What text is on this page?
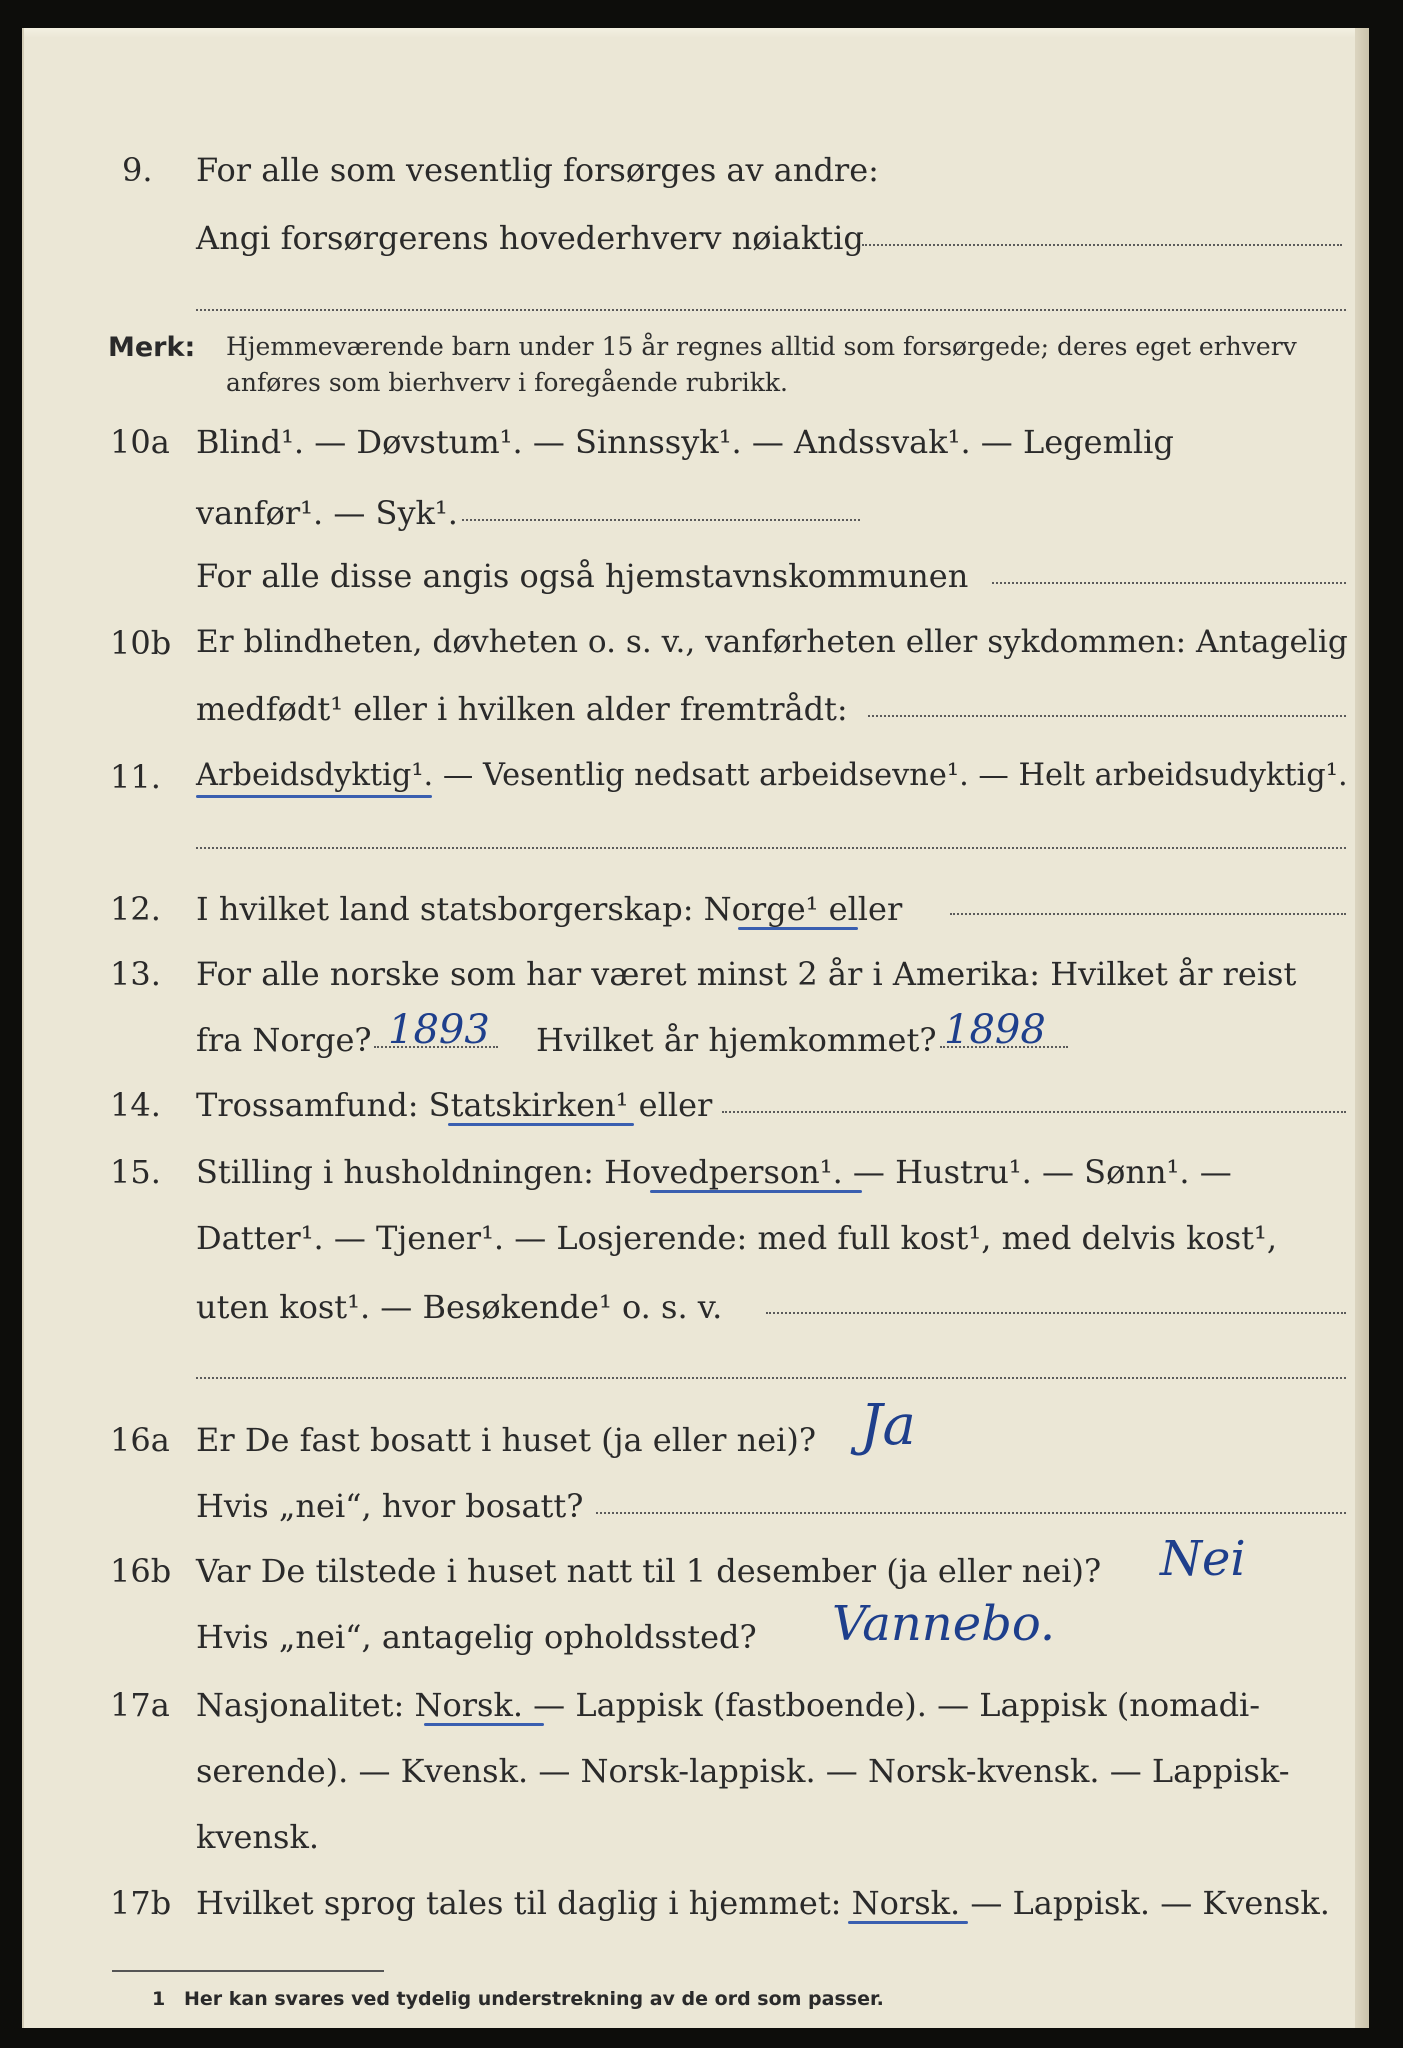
9. For alle som vesentlig forsørges av andre:
Angi forsørgerens hovederhverv nøiaktig
Merk: Hjemmeværende barn under 15 år regnes alltid som forsørgede; deres eget erhverv
anføres som bierhverv i foregående rubrikk.
10a Blind¹. — Døvstum¹. — Sinnssyk¹. — Andssvak¹. — Legemlig
vanfør¹. — Syk¹.
For alle disse angis også hjemstavnskommunen
10b Er blindheten, døvheten o. s. v., vanførheten eller sykdommen: Antagelig
medfødt¹ eller i hvilken alder fremtrådt:
11. Arbeidsdyktig¹. — Vesentlig nedsatt arbeidsevne¹. — Helt arbeidsudyktig¹.
12. I hvilket land statsborgerskap: Norge¹ eller
13. For alle norske som har været minst 2 år i Amerika: Hvilket år reist
fra Norge? 1893 Hvilket år hjemkommet? 1898
14. Trossamfund: Statskirken¹ eller
15. Stilling i husholdningen: Hovedperson¹. — Hustru¹. — Sønn¹. —
Datter¹. — Tjener¹. — Losjerende: med full kost¹, med delvis kost¹,
uten kost¹. — Besøkende¹ o. s. v.
16a Er De fast bosatt i huset (ja eller nei)? Ja
Hvis „nei“, hvor bosatt?
16b Var De tilstede i huset natt til 1 desember (ja eller nei)? Nei
Hvis „nei“, antagelig opholdssted? Vannebo.
17a Nasjonalitet: Norsk. — Lappisk (fastboende). — Lappisk (nomadi-
serende). — Kvensk. — Norsk-lappisk. — Norsk-kvensk. — Lappisk-
kvensk.
17b Hvilket sprog tales til daglig i hjemmet: Norsk. — Lappisk. — Kvensk.
1 Her kan svares ved tydelig understrekning av de ord som passer.
